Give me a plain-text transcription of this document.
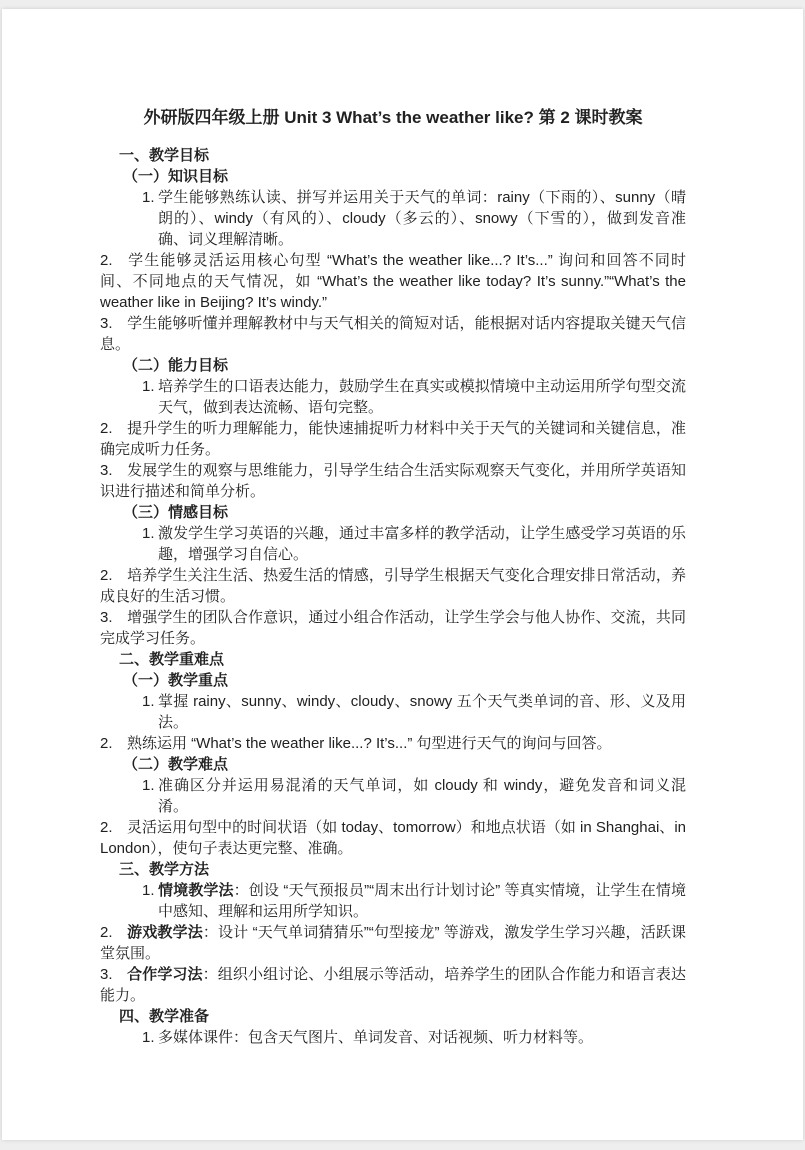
外研版四年级上册 Unit 3 What’s the weather like? 第 2 课时教案

一、教学目标

（一）知识目标

1. 学生能够熟练认读、拼写并运用关于天气的单词：rainy（下雨的）、sunny（晴朗的）、windy（有风的）、cloudy（多云的）、snowy（下雪的），做到发音准确、词义理解清晰。

2. 学生能够灵活运用核心句型 “What’s the weather like...? It’s...” 询问和回答不同时间、不同地点的天气情况，如 “What’s the weather like today? It’s sunny.”“What’s the weather like in Beijing? It’s windy.”

3. 学生能够听懂并理解教材中与天气相关的简短对话，能根据对话内容提取关键天气信息。

（二）能力目标

1. 培养学生的口语表达能力，鼓励学生在真实或模拟情境中主动运用所学句型交流天气，做到表达流畅、语句完整。

2. 提升学生的听力理解能力，能快速捕捉听力材料中关于天气的关键词和关键信息，准确完成听力任务。

3. 发展学生的观察与思维能力，引导学生结合生活实际观察天气变化，并用所学英语知识进行描述和简单分析。

（三）情感目标

1. 激发学生学习英语的兴趣，通过丰富多样的教学活动，让学生感受学习英语的乐趣，增强学习自信心。

2. 培养学生关注生活、热爱生活的情感，引导学生根据天气变化合理安排日常活动，养成良好的生活习惯。

3. 增强学生的团队合作意识，通过小组合作活动，让学生学会与他人协作、交流，共同完成学习任务。

二、教学重难点

（一）教学重点

1. 掌握 rainy、sunny、windy、cloudy、snowy 五个天气类单词的音、形、义及用法。

2. 熟练运用 “What’s the weather like...? It’s...” 句型进行天气的询问与回答。

（二）教学难点

1. 准确区分并运用易混淆的天气单词，如 cloudy 和 windy，避免发音和词义混淆。

2. 灵活运用句型中的时间状语（如 today、tomorrow）和地点状语（如 in Shanghai、in London），使句子表达更完整、准确。

三、教学方法

1. 情境教学法：创设 “天气预报员”“周末出行计划讨论” 等真实情境，让学生在情境中感知、理解和运用所学知识。

2. 游戏教学法：设计 “天气单词猜猜乐”“句型接龙” 等游戏，激发学生学习兴趣，活跃课堂氛围。

3. 合作学习法：组织小组讨论、小组展示等活动，培养学生的团队合作能力和语言表达能力。

四、教学准备

1. 多媒体课件：包含天气图片、单词发音、对话视频、听力材料等。
